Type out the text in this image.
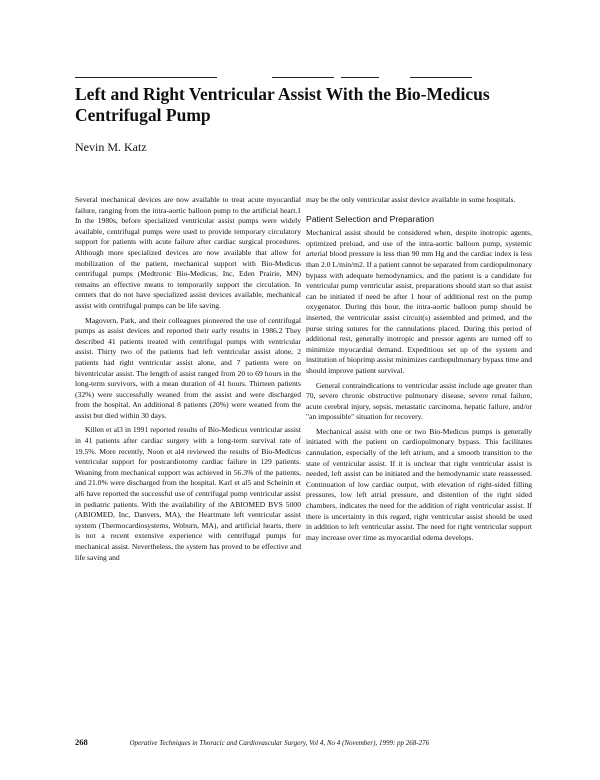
Left and Right Ventricular Assist With the Bio-Medicus Centrifugal Pump
Nevin M. Katz

Several mechanical devices are now available to treat acute myocardial failure, ranging from the intra-aortic balloon pump to the artificial heart.1 In the 1980s, before specialized ventricular assist pumps were widely available, centrifugal pumps were used to provide temporary circulatory support for patients with acute failure after cardiac surgical procedures. Although more specialized devices are now available that allow for mobilization of the patient, mechanical support with Bio-Medicus centrifugal pumps (Medtronic Bio-Medicus, Inc, Eden Prairie, MN) remains an effective means to temporarily support the circulation. In centers that do not have specialized assist devices available, mechanical assist with centrifugal pumps can be life saving.

Magovern, Park, and their colleagues pioneered the use of centrifugal pumps as assist devices and reported their early results in 1986.2 They described 41 patients treated with centrifugal pumps with ventricular assist. Thirty two of the patients had left ventricular assist alone, 2 patients had right ventricular assist alone, and 7 patients were on biventricular assist. The length of assist ranged from 20 to 69 hours in the long-term survivors, with a mean duration of 41 hours. Thirteen patients (32%) were successfully weaned from the assist and were discharged from the hospital. An additional 8 patients (20%) were weaned from the assist but died within 30 days.

Killen et al3 in 1991 reported results of Bio-Medicus ventricular assist in 41 patients after cardiac surgery with a long-term survival rate of 19.5%. More recently, Noon et al4 reviewed the results of Bio-Medicus ventricular support for postcardiotomy cardiac failure in 129 patients. Weaning from mechanical support was achieved in 56.3% of the patients, and 21.0% were discharged from the hospital. Karl et al5 and Scheinin et al6 have reported the successful use of centrifugal pump ventricular assist in pediatric patients. With the availability of the ABIOMED BVS 5000 (ABIOMED, Inc, Danvers, MA), the Heartmate left ventricular assist system (Thermocardiosystems, Woburn, MA), and artificial hearts, there is not a recent extensive experience with centrifugal pumps for mechanical assist. Nevertheless, the system has proved to be effective and life saving and

may be the only ventricular assist device available in some hospitals.

Patient Selection and Preparation

Mechanical assist should be considered when, despite inotropic agents, optimized preload, and use of the intra-aortic balloon pump, systemic arterial blood pressure is less than 90 mm Hg and the cardiac index is less than 2.0 L/min/m2. If a patient cannot be separated from cardiopulmonary bypass with adequate hemodynamics, and the patient is a candidate for ventricular pump ventricular assist, preparations should start so that assist can be initiated if need be after 1 hour of additional rest on the pump oxygenator. During this hour, the intra-aortic balloon pump should be inserted, the ventricular assist circuit(s) assembled and primed, and the purse string sutures for the cannulations placed. During this period of additional rest, generally inotropic and pressor agents are turned off to minimize myocardial demand. Expeditious set up of the system and institution of bioprimp assist minimizes cardiopulmonary bypass time and should improve patient survival.

General contraindications to ventricular assist include age greater than 70, severe chronic obstructive pulmonary disease, severe renal failure, acute cerebral injury, sepsis, metastatic carcinoma, hepatic failure, and/or "an impossible" situation for recovery.

Mechanical assist with one or two Bio-Medicus pumps is generally initiated with the patient on cardiopulmonary bypass. This facilitates cannulation, especially of the left atrium, and a smooth transition to the state of ventricular assist. If it is unclear that right ventricular assist is needed, left assist can be initiated and the hemodynamic state reassessed. Continuation of low cardiac output, with elevation of right-sided filling pressures, low left atrial pressure, and distention of the right sided chambers, indicates the need for the addition of right ventricular assist. If there is uncertainty in this regard, right ventricular assist should be used in addition to left ventricular assist. The need for right ventricular support may increase over time as myocardial edema develops.

268	Operative Techniques in Thoracic and Cardiovascular Surgery, Vol 4, No 4 (November), 1999: pp 268-276
